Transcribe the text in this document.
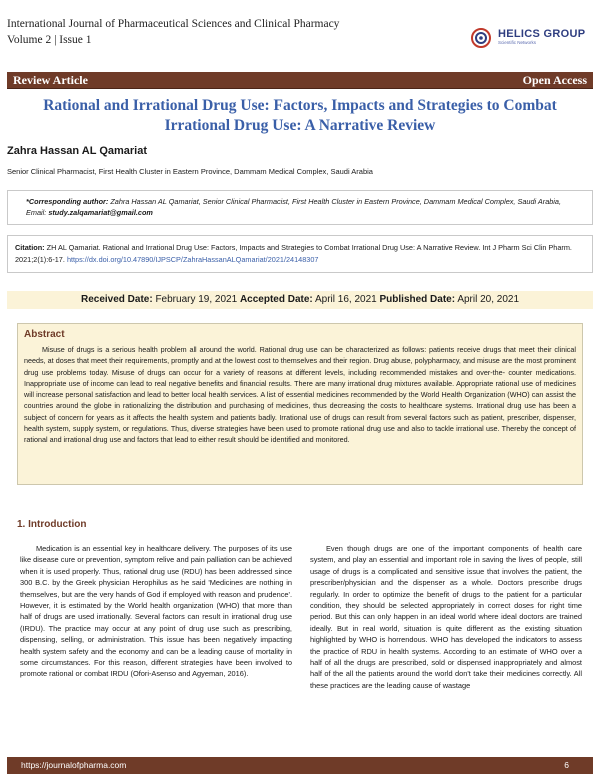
International Journal of Pharmaceutical Sciences and Clinical Pharmacy
Volume 2 | Issue 1	HELICS GROUP
Scientific Networks
Review Article	Open Access
Rational and Irrational Drug Use: Factors, Impacts and Strategies to Combat Irrational Drug Use: A Narrative Review
Zahra Hassan AL Qamariat
Senior Clinical Pharmacist, First Health Cluster in Eastern Province, Dammam Medical Complex, Saudi Arabia
*Corresponding author: Zahra Hassan AL Qamariat, Senior Clinical Pharmacist, First Health Cluster in Eastern Province, Dammam Medical Complex, Saudi Arabia, Email: study.zalqamariat@gmail.com
Citation: ZH AL Qamariat. Rational and Irrational Drug Use: Factors, Impacts and Strategies to Combat Irrational Drug Use: A Narrative Review. Int J Pharm Sci Clin Pharm. 2021;2(1):6-17. https://dx.doi.org/10.47890/IJPSCP/ZahraHassanALQamariat/2021/24148307
Received Date: February 19, 2021 Accepted Date: April 16, 2021 Published Date: April 20, 2021
Abstract

Misuse of drugs is a serious health problem all around the world. Rational drug use can be characterized as follows: patients receive drugs that meet their clinical needs, at doses that meet their requirements, promptly and at the lowest cost to themselves and their region. Drug abuse, polypharmacy, and misuse are the most prominent drug use problems today. Misuse of drugs can occur for a variety of reasons at different levels, including recommended mistakes and over-the- counter medications. Inappropriate use of income can lead to real negative benefits and financial results. There are many irrational drug mixtures available. Appropriate rational use of medicines will increase personal satisfaction and lead to better local health services. A list of essential medicines recommended by the World Health Organization (WHO) can assist the countries around the globe in rationalizing the distribution and purchasing of medicines, thus decreasing the costs to healthcare systems. Irrational drug use has been a subject of concern for years as it affects the health system and patients badly. Irrational use of drugs can result from several factors such as patient, prescriber, dispenser, health system, supply system, or regulations. Thus, diverse strategies have been used to promote rational drug use and also to tackle irrational use. Thereby the concept of rational and irrational drug use and factors that lead to either result should be identified and monitored.

1. Introduction

Medication is an essential key in healthcare delivery. The purposes of its use like disease cure or prevention, symptom relive and pain palliation can be achieved when it is used properly. Thus, rational drug use (RDU) has been addressed since 300 B.C. by the Greek physician Herophilus as he said 'Medicines are nothing in themselves, but are the very hands of God if employed with reason and prudence'. However, it is estimated by the World health organization (WHO) that more than half of drugs are used irrationally. Several factors can result in irrational drug use (IRDU). The practice may occur at any point of drug use such as prescribing, dispensing, selling, or administration. This issue has been negatively impacting health system safety and the economy and can be a leading cause of mortality in some circumstances. For this reason, different strategies have been involved to promote rational or combat IRDU (Ofori-Asenso and Agyeman, 2016).

Even though drugs are one of the important components of health care system, and play an essential and important role in saving the lives of people, still usage of drugs is a complicated and sensitive issue that involves the patient, the prescriber/physician and the dispenser as a whole. Doctors prescribe drugs regularly. In order to optimize the benefit of drugs to the patient for a particular condition, they should be selected appropriately in correct doses for right time period. But this can only happen in an ideal world where ideal doctors are trained ideally. But in real world, situation is quite different as the existing situation highlighted by WHO is horrendous. WHO has developed the indicators to assess the practice of RDU in health systems. According to an estimate of WHO over a half of all the drugs are prescribed, sold or dispensed inappropriately and almost half of the all the patients around the world don't take their medicines correctly. All these practices are the leading cause of wastage

https://journalofpharma.com	6
